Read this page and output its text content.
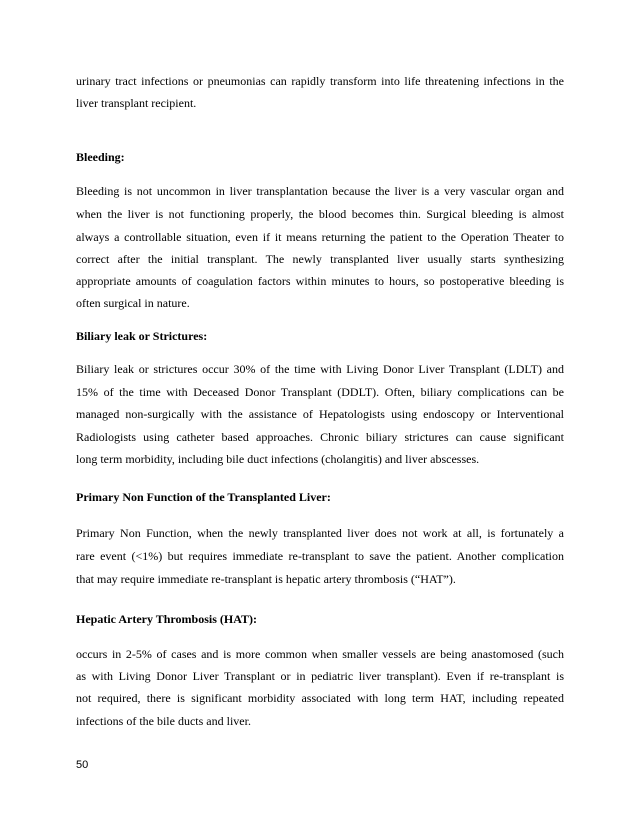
urinary tract infections or pneumonias can rapidly transform into life threatening infections in the
liver transplant recipient.
Bleeding:
Bleeding is not uncommon in liver transplantation because the liver is a very vascular organ and
when the liver is not functioning properly, the blood becomes thin. Surgical bleeding is almost
always a controllable situation, even if it means returning the patient to the Operation Theater to
correct after the initial transplant. The newly transplanted liver usually starts synthesizing
appropriate amounts of coagulation factors within minutes to hours, so postoperative bleeding is
often surgical in nature.
Biliary leak or Strictures:
Biliary leak or strictures occur 30% of the time with Living Donor Liver Transplant (LDLT) and
15% of the time with Deceased Donor Transplant (DDLT). Often, biliary complications can be
managed non-surgically with the assistance of Hepatologists using endoscopy or Interventional
Radiologists using catheter based approaches. Chronic biliary strictures can cause significant
long term morbidity, including bile duct infections (cholangitis) and liver abscesses.
Primary Non Function of the Transplanted Liver:
Primary Non Function, when the newly transplanted liver does not work at all, is fortunately a
rare event (<1%) but requires immediate re-transplant to save the patient. Another complication
that may require immediate re-transplant is hepatic artery thrombosis (“HAT”).
Hepatic Artery Thrombosis (HAT):
occurs in 2-5% of cases and is more common when smaller vessels are being anastomosed (such
as with Living Donor Liver Transplant or in pediatric liver transplant). Even if re-transplant is
not required, there is significant morbidity associated with long term HAT, including repeated
infections of the bile ducts and liver.
50
